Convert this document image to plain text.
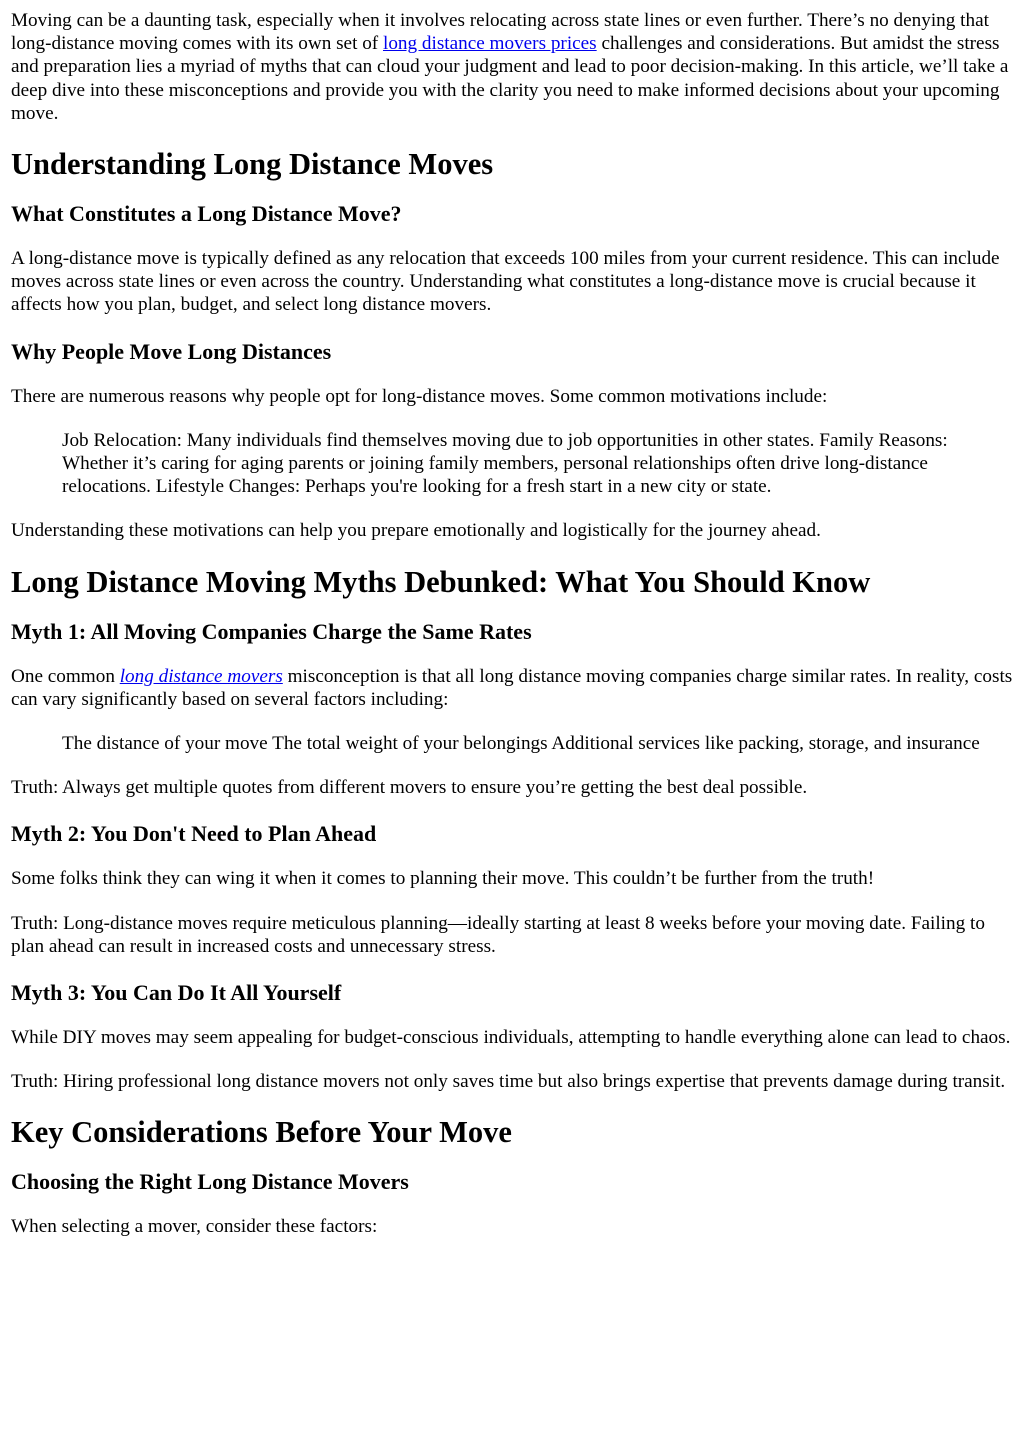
Moving can be a daunting task, especially when it involves relocating across state lines or even further. There’s no denying that long-distance moving comes with its own set of long distance movers prices challenges and considerations. But amidst the stress and preparation lies a myriad of myths that can cloud your judgment and lead to poor decision-making. In this article, we’ll take a deep dive into these misconceptions and provide you with the clarity you need to make informed decisions about your upcoming move.

Understanding Long Distance Moves
What Constitutes a Long Distance Move?

A long-distance move is typically defined as any relocation that exceeds 100 miles from your current residence. This can include moves across state lines or even across the country. Understanding what constitutes a long-distance move is crucial because it affects how you plan, budget, and select long distance movers.

Why People Move Long Distances

There are numerous reasons why people opt for long-distance moves. Some common motivations include:

Job Relocation: Many individuals find themselves moving due to job opportunities in other states. Family Reasons: Whether it’s caring for aging parents or joining family members, personal relationships often drive long-distance relocations. Lifestyle Changes: Perhaps you're looking for a fresh start in a new city or state.

Understanding these motivations can help you prepare emotionally and logistically for the journey ahead.

Long Distance Moving Myths Debunked: What You Should Know
Myth 1: All Moving Companies Charge the Same Rates

One common long distance movers misconception is that all long distance moving companies charge similar rates. In reality, costs can vary significantly based on several factors including:

The distance of your move The total weight of your belongings Additional services like packing, storage, and insurance

Truth: Always get multiple quotes from different movers to ensure you’re getting the best deal possible.

Myth 2: You Don't Need to Plan Ahead

Some folks think they can wing it when it comes to planning their move. This couldn’t be further from the truth!

Truth: Long-distance moves require meticulous planning—ideally starting at least 8 weeks before your moving date. Failing to plan ahead can result in increased costs and unnecessary stress.

Myth 3: You Can Do It All Yourself

While DIY moves may seem appealing for budget-conscious individuals, attempting to handle everything alone can lead to chaos.

Truth: Hiring professional long distance movers not only saves time but also brings expertise that prevents damage during transit.

Key Considerations Before Your Move
Choosing the Right Long Distance Movers

When selecting a mover, consider these factors:
